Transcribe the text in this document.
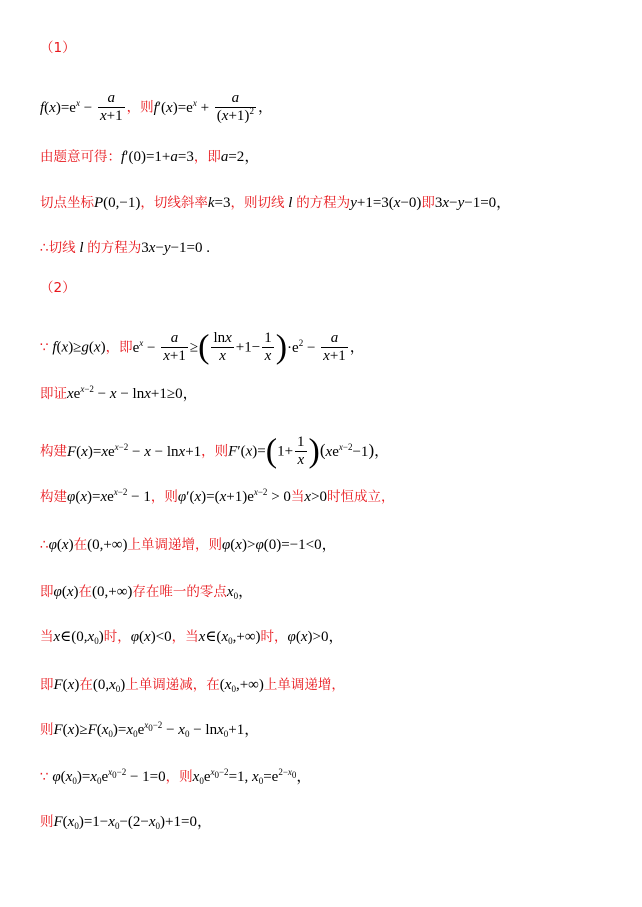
（1）
$f(x)=e^x - \frac{a}{x+1}$ ，则$f'(x)=e^x + \frac{a}{(x+1)^2}$ ，
由题意可得：f′(0)=1+a=3，即a=2，
切点坐标P(0,−1)，切线斜率k=3，则切线 l 的方程为y+1=3(x−0)即3x−y−1=0，
∴切线 l 的方程为3x−y−1=0 .
（2）
∵ f(x)≥g(x)，即$e^x - \frac{a}{x+1}$ ≥( $\frac{\ln x}{x} +1- \frac{1}{x} )\cdot e^2 - \frac{a}{x+1}$ ，
即证$xe^{x-2} - x - \ln x+1\ge 0$，
构建$F(x)=xe^{x-2} - x - \ln x+1$，则$F'(x)=(1+ \frac{1}{x} )(xe^{x-2}-1)$，
构建$\varphi(x)=xe^{x-2} - 1$，则$\varphi'(x)=(x+1)e^{x-2} > 0$当x>0时恒成立，
∴φ(x)在(0,+∞)上单调递增，则φ(x)>φ(0)=−1<0，
即φ(x)在(0,+∞)存在唯一的零点$x_0$，
当$x\in(0,x_0)$时，φ(x)<0，当$x\in(x_0,+\infty)$时，φ(x)>0，
即F(x)在$(0,x_0)$上单调递减，在$(x_0,+\infty)$上单调递增，
则$F(x)\ge F(x_0)=x_0e^{x_0-2} - x_0 - \ln x_0+1$，
∵ $\varphi(x_0)=x_0e^{x_0-2} - 1=0$，则$x_0e^{x_0-2}=1$, $x_0=e^{2-x_0}$，
则$F(x_0)=1-x_0-(2-x_0)+1=0$，
